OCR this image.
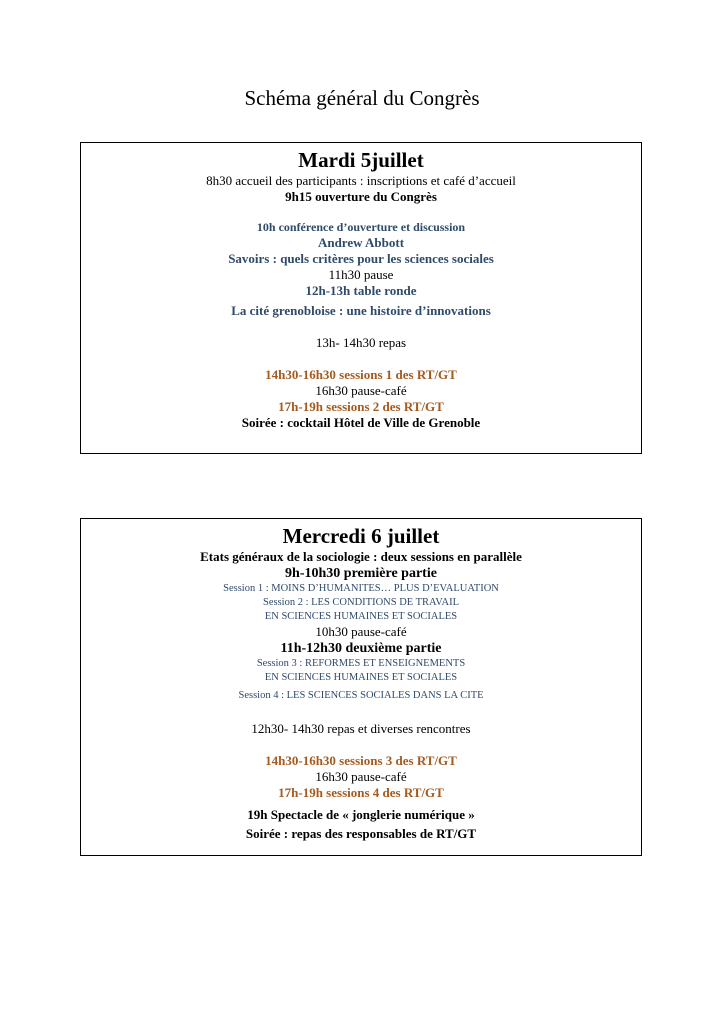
Schéma général du Congrès
Mardi 5juillet
8h30 accueil des participants : inscriptions et café d’accueil
9h15 ouverture du Congrès
10h conférence d’ouverture et discussion
Andrew Abbott
Savoirs : quels critères pour les sciences sociales
11h30 pause
12h-13h table ronde
La cité grenobloise : une histoire d’innovations
13h- 14h30 repas
14h30-16h30 sessions 1 des RT/GT
16h30 pause-café
17h-19h sessions 2 des RT/GT
Soirée : cocktail Hôtel de Ville de Grenoble
Mercredi 6 juillet
Etats généraux de la sociologie : deux sessions en parallèle
9h-10h30 première partie
Session 1 : MOINS D’HUMANITES… PLUS D’EVALUATION
Session 2 : LES CONDITIONS DE TRAVAIL
EN SCIENCES HUMAINES ET SOCIALES
10h30 pause-café
11h-12h30 deuxième partie
Session 3 : REFORMES ET ENSEIGNEMENTS
EN SCIENCES HUMAINES ET SOCIALES
Session 4 : LES SCIENCES SOCIALES DANS LA CITE
12h30- 14h30 repas et diverses rencontres
14h30-16h30 sessions 3 des RT/GT
16h30 pause-café
17h-19h sessions 4 des RT/GT
19h Spectacle de « jonglerie numérique »
Soirée : repas des responsables de RT/GT
